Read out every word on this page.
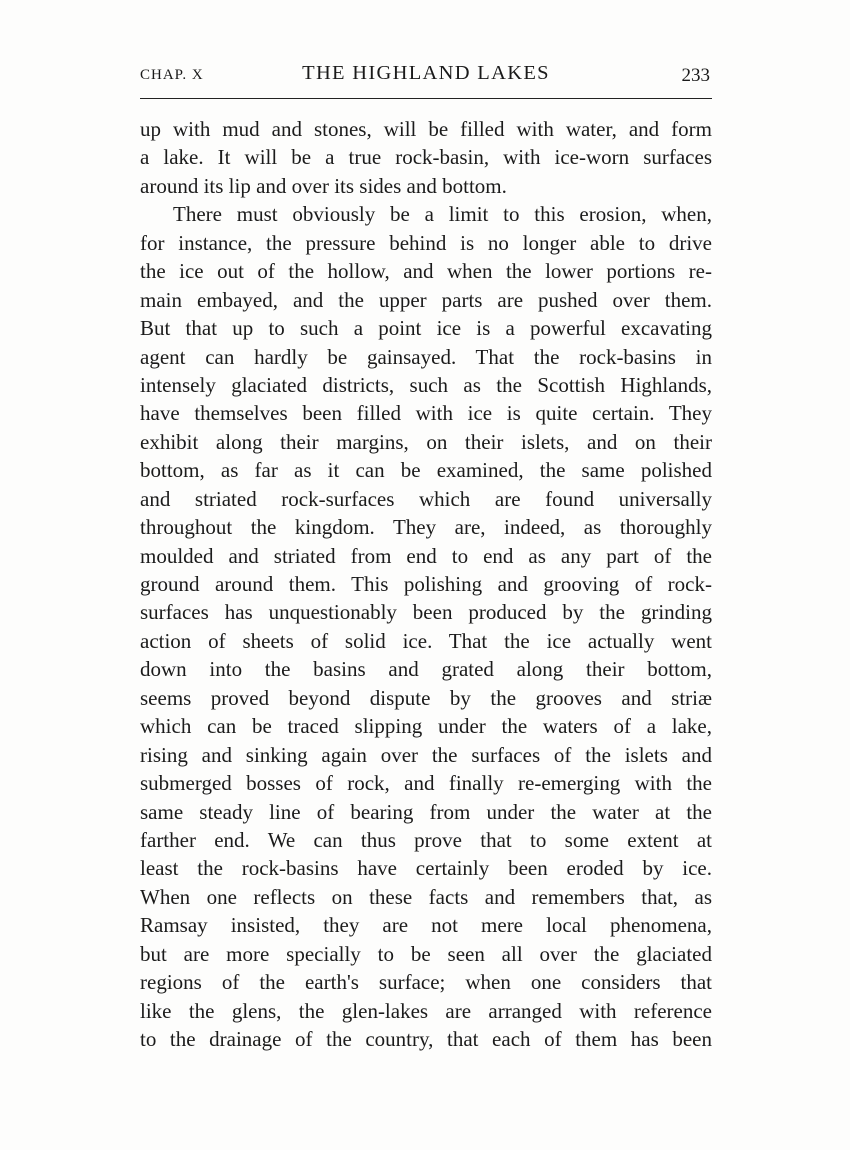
CHAP. X	THE HIGHLAND LAKES	233
up with mud and stones, will be filled with water, and form
a lake. It will be a true rock-basin, with ice-worn surfaces
around its lip and over its sides and bottom.
There must obviously be a limit to this erosion, when,
for instance, the pressure behind is no longer able to drive
the ice out of the hollow, and when the lower portions re-
main embayed, and the upper parts are pushed over them.
But that up to such a point ice is a powerful excavating
agent can hardly be gainsayed. That the rock-basins in
intensely glaciated districts, such as the Scottish Highlands,
have themselves been filled with ice is quite certain. They
exhibit along their margins, on their islets, and on their
bottom, as far as it can be examined, the same polished
and striated rock-surfaces which are found universally
throughout the kingdom. They are, indeed, as thoroughly
moulded and striated from end to end as any part of the
ground around them. This polishing and grooving of rock-
surfaces has unquestionably been produced by the grinding
action of sheets of solid ice. That the ice actually went
down into the basins and grated along their bottom,
seems proved beyond dispute by the grooves and striæ
which can be traced slipping under the waters of a lake,
rising and sinking again over the surfaces of the islets and
submerged bosses of rock, and finally re-emerging with the
same steady line of bearing from under the water at the
farther end. We can thus prove that to some extent at
least the rock-basins have certainly been eroded by ice.
When one reflects on these facts and remembers that, as
Ramsay insisted, they are not mere local phenomena,
but are more specially to be seen all over the glaciated
regions of the earth's surface; when one considers that
like the glens, the glen-lakes are arranged with reference
to the drainage of the country, that each of them has been
